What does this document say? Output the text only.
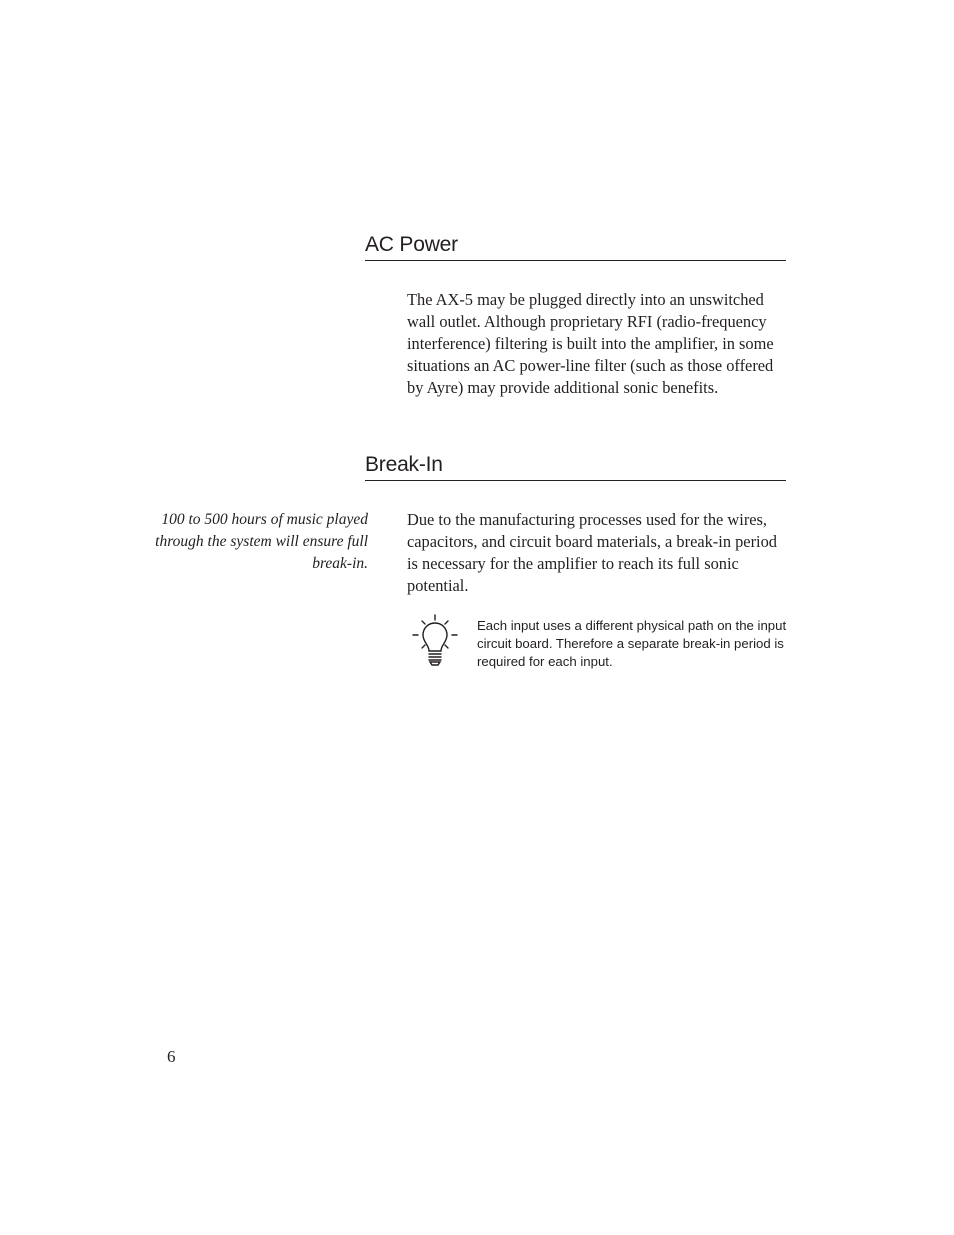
AC Power

The AX-5 may be plugged directly into an unswitched wall outlet. Although proprietary RFI (radio-frequency interference) filtering is built into the amplifier, in some situations an AC power-line filter (such as those offered by Ayre) may provide additional sonic benefits.

Break-In

100 to 500 hours of music played through the system will ensure full break-in.

Due to the manufacturing processes used for the wires, capacitors, and circuit board materials, a break-in period is necessary for the amplifier to reach its full sonic potential.

Each input uses a different physical path on the input circuit board. Therefore a separate break-in period is required for each input.

6
